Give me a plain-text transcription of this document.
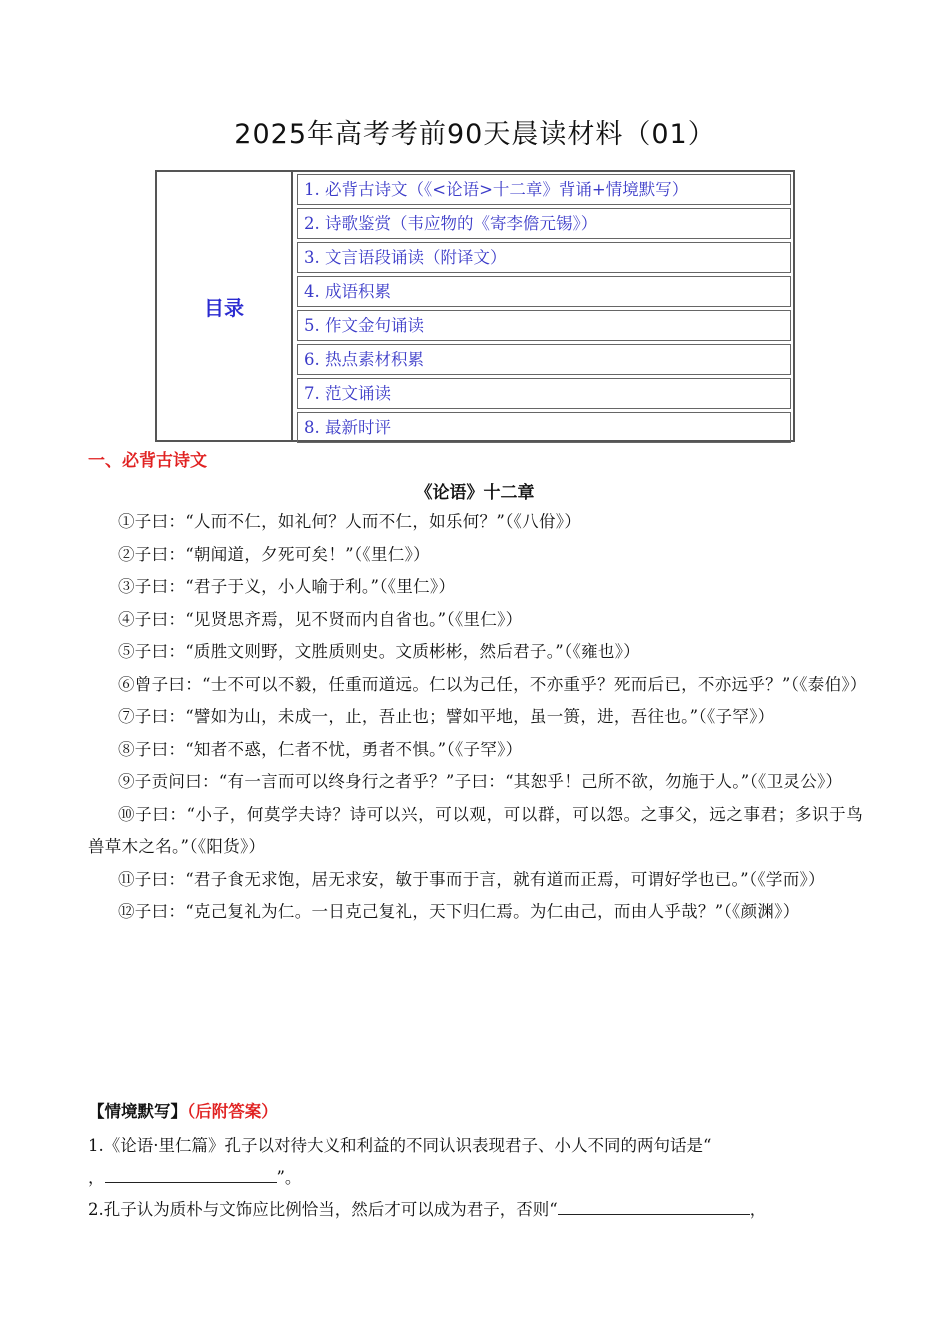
2025年高考考前90天晨读材料（01）
目录
1. 必背古诗文（《<论语>十二章》背诵+情境默写）
2. 诗歌鉴赏（韦应物的《寄李儋元锡》）
3. 文言语段诵读（附译文）
4. 成语积累
5. 作文金句诵读
6. 热点素材积累
7. 范文诵读
8. 最新时评
一、必背古诗文
《论语》十二章

①子曰：“人而不仁，如礼何？人而不仁，如乐何？”（《八佾》）

②子曰：“朝闻道，夕死可矣！”（《里仁》）

③子曰：“君子于义，小人喻于利。”（《里仁》）

④子曰：“见贤思齐焉，见不贤而内自省也。”（《里仁》）

⑤子曰：“质胜文则野，文胜质则史。文质彬彬，然后君子。”（《雍也》）

⑥曾子曰：“士不可以不毅，任重而道远。仁以为己任，不亦重乎？死而后已，不亦远乎？”（《泰伯》）

⑦子曰：“譬如为山，未成一，止，吾止也；譬如平地，虽一篑，进，吾往也。”（《子罕》）

⑧子曰：“知者不惑，仁者不忧，勇者不惧。”（《子罕》）

⑨子贡问曰：“有一言而可以终身行之者乎？”子曰：“其恕乎！己所不欲，勿施于人。”（《卫灵公》）

⑩子曰：“小子，何莫学夫诗？诗可以兴，可以观，可以群，可以怨。之事父，远之事君；多识于鸟兽草木之名。”（《阳货》）

⑪子曰：“君子食无求饱，居无求安，敏于事而于言，就有道而正焉，可谓好学也已。”（《学而》）

⑫子曰：“克己复礼为仁。一日克己复礼，天下归仁焉。为仁由己，而由人乎哉？”（《颜渊》）

【情境默写】（后附答案）

1.《论语·里仁篇》孔子以对待大义和利益的不同认识表现君子、小人不同的两句话是“
，	”。

2.孔子认为质朴与文饰应比例恰当，然后才可以成为君子，否则“	，
